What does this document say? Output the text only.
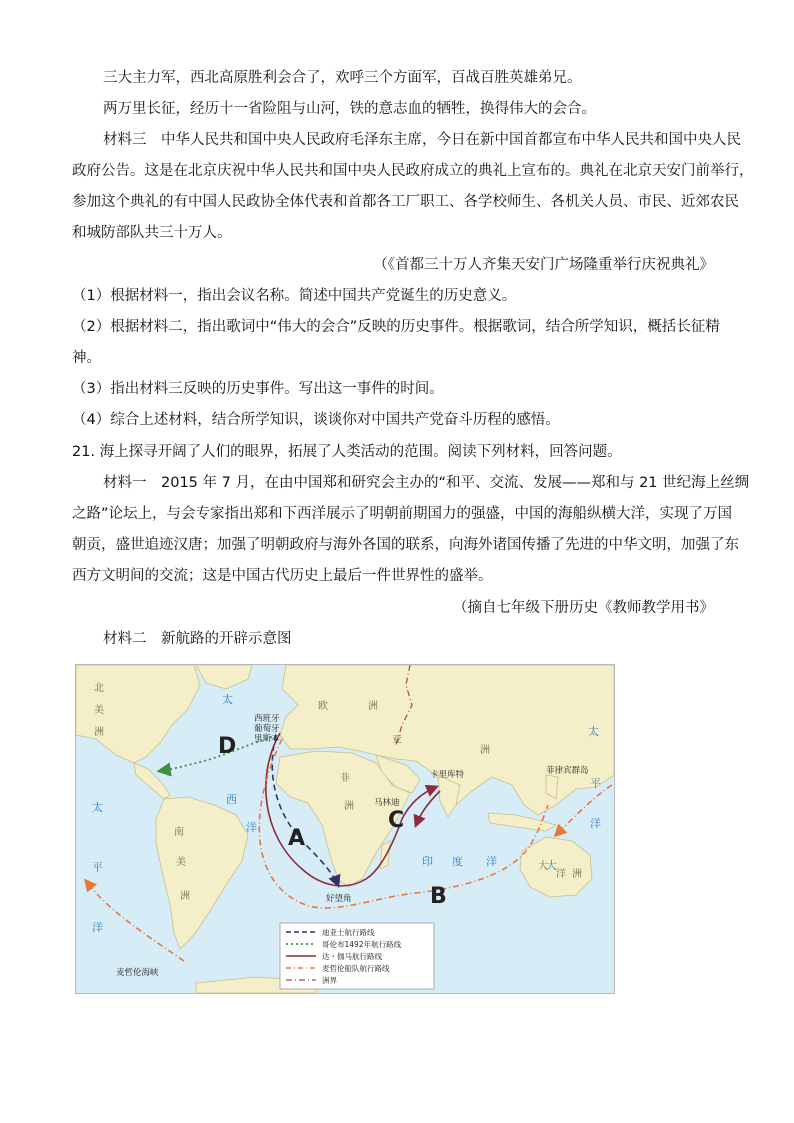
三大主力军，西北高原胜利会合了，欢呼三个方面军，百战百胜英雄弟兄。
两万里长征，经历十一省险阻与山河，铁的意志血的牺牲，换得伟大的会合。
材料三　中华人民共和国中央人民政府毛泽东主席，今日在新中国首都宣布中华人民共和国中央人民
政府公告。这是在北京庆祝中华人民共和国中央人民政府成立的典礼上宣布的。典礼在北京天安门前举行，
参加这个典礼的有中国人民政协全体代表和首都各工厂职工、各学校师生、各机关人员、市民、近郊农民
和城防部队共三十万人。
（《首都三十万人齐集天安门广场隆重举行庆祝典礼》
（1）根据材料一，指出会议名称。简述中国共产党诞生的历史意义。
（2）根据材料二，指出歌词中“伟大的会合”反映的历史事件。根据歌词，结合所学知识，概括长征精
神。
（3）指出材料三反映的历史事件。写出这一事件的时间。
（4）综合上述材料，结合所学知识，谈谈你对中国共产党奋斗历程的感悟。
21. 海上探寻开阔了人们的眼界，拓展了人类活动的范围。阅读下列材料，回答问题。
材料一　2015 年 7 月，在由中国郑和研究会主办的“和平、交流、发展——郑和与 21 世纪海上丝绸
之路”论坛上，与会专家指出郑和下西洋展示了明朝前期国力的强盛，中国的海船纵横大洋，实现了万国
朝贡，盛世追迹汉唐；加强了明朝政府与海外各国的联系，向海外诸国传播了先进的中华文明，加强了东
西方文明间的交流；这是中国古代历史上最后一件世界性的盛举。
（摘自七年级下册历史《教师教学用书》
材料二　新航路的开辟示意图
太
西
洋
印 度 洋
太
平
洋
太
平
洋
大
北
美
洲
欧	洲
亚
洲
非
洲
南
美
洲
大
洋 洲
西班牙
葡萄牙
里斯本
马林迪
卡里库特	菲律宾群岛
好望角
麦哲伦海峡
A
B
C
D
迪亚士航行路线
哥伦布1492年航行路线
达・伽马航行路线
麦哲伦船队航行路线
洲界
